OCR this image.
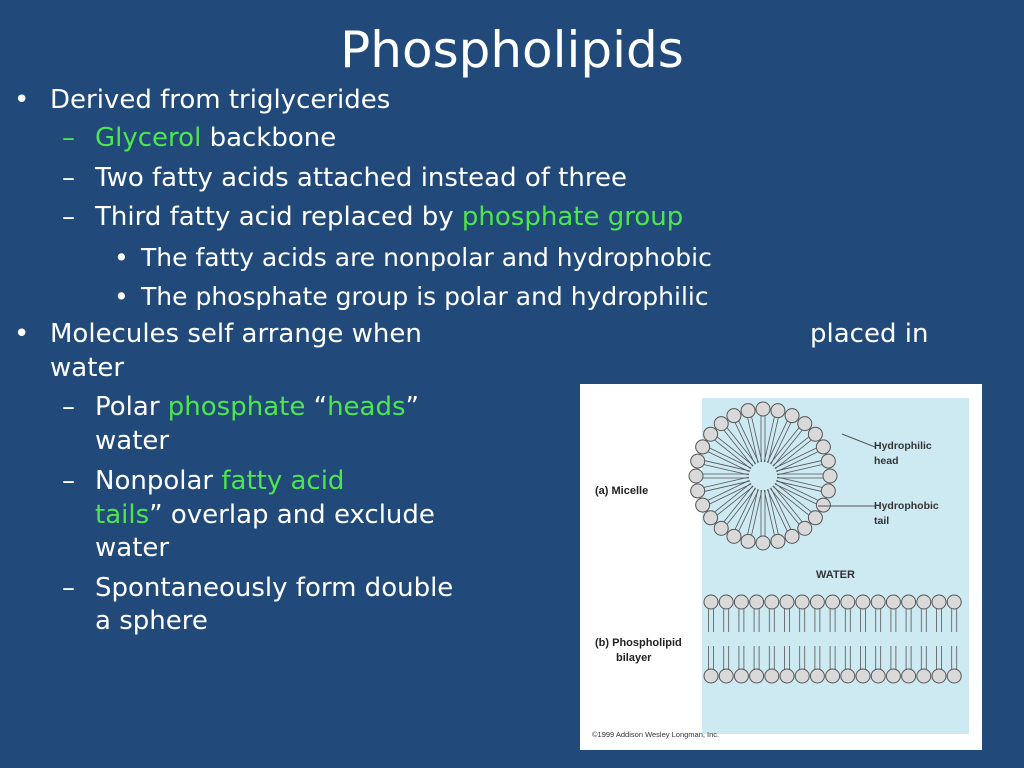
Phospholipids
• Derived from triglycerides
– Glycerol backbone
– Two fatty acids attached instead of three
– Third fatty acid replaced by phosphate group
• The fatty acids are nonpolar and hydrophobic
• The phosphate group is polar and hydrophilic
• Molecules self arrange when	placed in
water
– Polar phosphate “heads”
water
– Nonpolar fatty acid
tails” overlap and exclude
water
– Spontaneously form double
a sphere
(a) Micelle
Hydrophilic
head
Hydrophobic
tail
WATER
(b) Phospholipid
bilayer
©1999 Addison Wesley Longman, Inc.
